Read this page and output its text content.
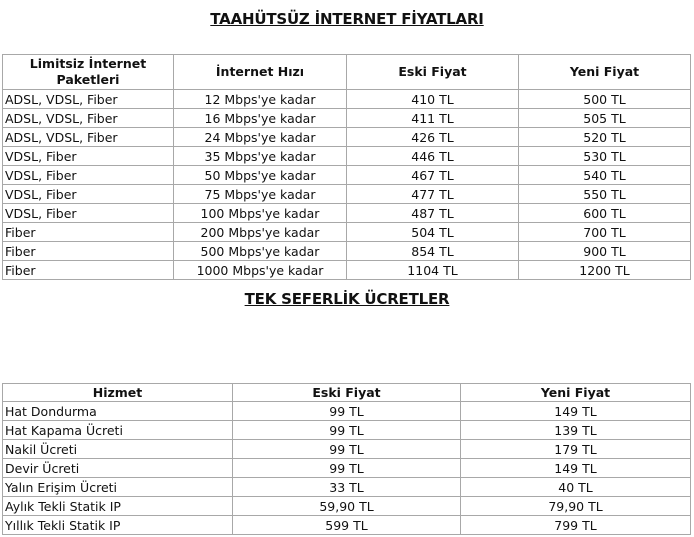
TAAHÜTSÜZ İNTERNET FİYATLARI
Limitsiz İnternet Paketleri	İnternet Hızı	Eski Fiyat	Yeni Fiyat
ADSL, VDSL, Fiber	12 Mbps'ye kadar	410 TL	500 TL
ADSL, VDSL, Fiber	16 Mbps'ye kadar	411 TL	505 TL
ADSL, VDSL, Fiber	24 Mbps'ye kadar	426 TL	520 TL
VDSL, Fiber	35 Mbps'ye kadar	446 TL	530 TL
VDSL, Fiber	50 Mbps'ye kadar	467 TL	540 TL
VDSL, Fiber	75 Mbps'ye kadar	477 TL	550 TL
VDSL, Fiber	100 Mbps'ye kadar	487 TL	600 TL
Fiber	200 Mbps'ye kadar	504 TL	700 TL
Fiber	500 Mbps'ye kadar	854 TL	900 TL
Fiber	1000 Mbps'ye kadar	1104 TL	1200 TL
TEK SEFERLİK ÜCRETLER
Hizmet	Eski Fiyat	Yeni Fiyat
Hat Dondurma	99 TL	149 TL
Hat Kapama Ücreti	99 TL	139 TL
Nakil Ücreti	99 TL	179 TL
Devir Ücreti	99 TL	149 TL
Yalın Erişim Ücreti	33 TL	40 TL
Aylık Tekli Statik IP	59,90 TL	79,90 TL
Yıllık Tekli Statik IP	599 TL	799 TL
